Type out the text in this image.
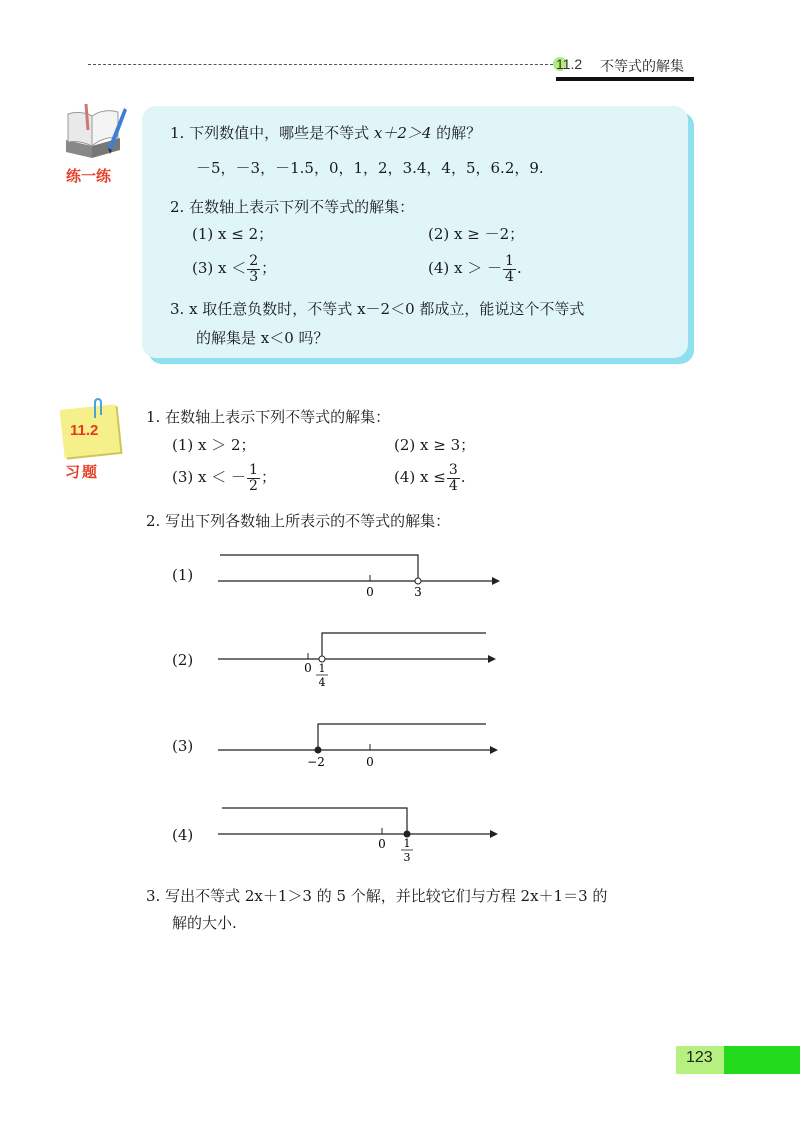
11.2 不等式的解集
练一练
1. 下列数值中，哪些是不等式 x＋2＞4 的解？
－5，－3，－1.5，0，1，2，3.4，4，5，6.2，9.
2. 在数轴上表示下列不等式的解集：
(1) x ≤ 2；	(2) x ≥ －2；
(3) $x < \frac{2}{3}$ ；	(4) x ＞ － $\frac{1}{4}$ .
3. x 取任意负数时，不等式 x－2＜0 都成立，能说这个不等式
的解集是 x＜0 吗？
11.2
习题
1. 在数轴上表示下列不等式的解集：
(1) x ＞ 2；	(2) x ≥ 3；
(3) x ＜ － $\frac{1}{2}$ ；	(4) $x \le \frac{3}{4}$ .
2. 写出下列各数轴上所表示的不等式的解集：
(1)
0	3
(2)	0 1
4
(3)
−2	0
(4)	0 1
3
3. 写出不等式 2x＋1＞3 的 5 个解，并比较它们与方程 2x＋1＝3 的
解的大小.
123
